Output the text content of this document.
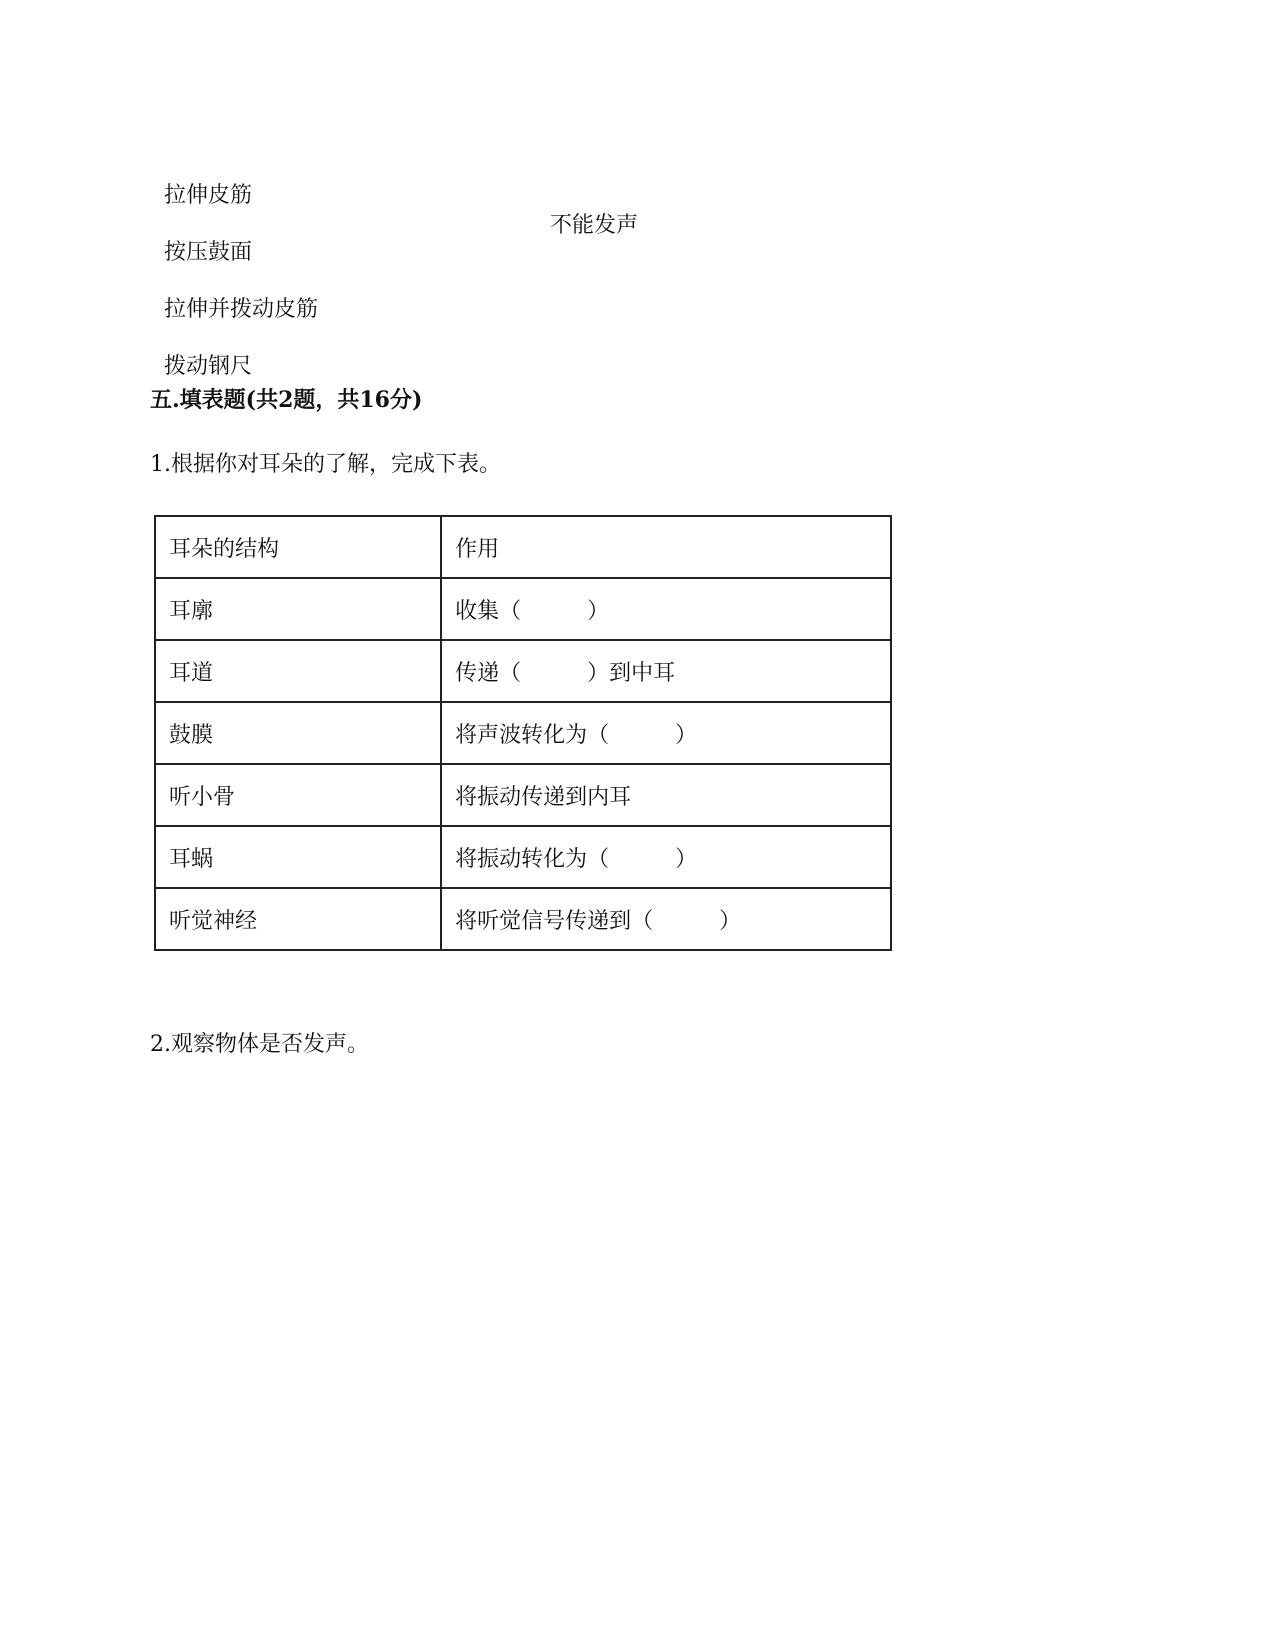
拉伸皮筋

不能发声

按压鼓面

拉伸并拨动皮筋

拨动钢尺

五.填表题(共2题，共16分)
1.根据你对耳朵的了解，完成下表。
耳朵的结构	作用
耳廓	收集（　　　）
耳道	传递（　　　）到中耳
鼓膜	将声波转化为（　　　）
听小骨	将振动传递到内耳
耳蜗	将振动转化为（　　　）
听觉神经	将听觉信号传递到（　　　）
2.观察物体是否发声。
